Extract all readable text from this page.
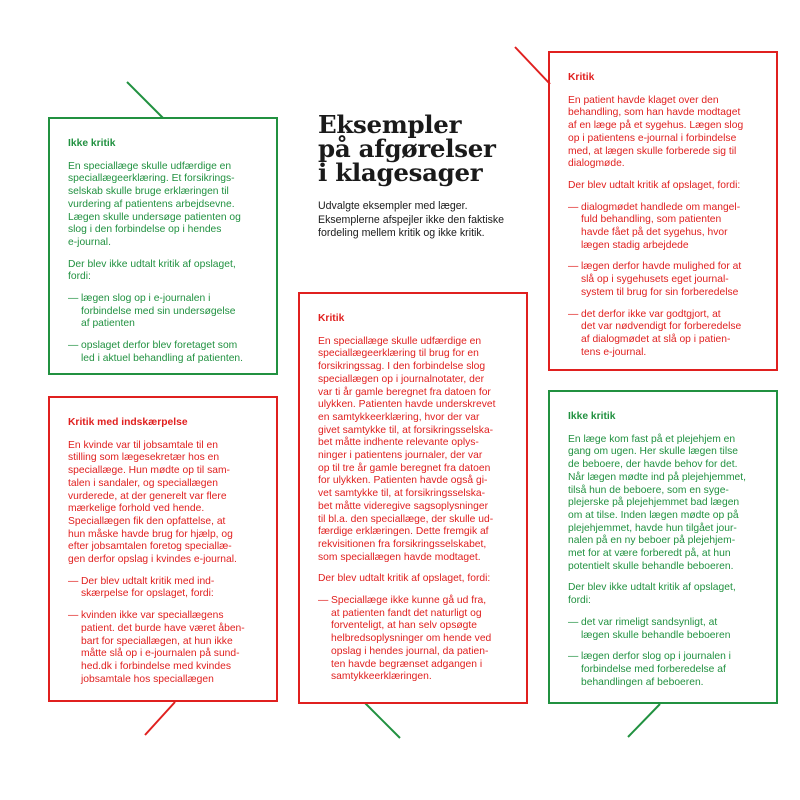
Eksempler
på afgørelser
i klagesager
Udvalgte eksempler med læger.
Eksemplerne afspejler ikke den faktiske
fordeling mellem kritik og ikke kritik.
Ikke kritik
En speciallæge skulle udfærdige en
speciallægeerklæring. Et forsikrings-
selskab skulle bruge erklæringen til
vurdering af patientens arbejdsevne.
Lægen skulle undersøge patienten og
slog i den forbindelse op i hendes
e-journal.
Der blev ikke udtalt kritik af opslaget,
fordi:
— lægen slog op i e-journalen i
forbindelse med sin undersøgelse
af patienten
— opslaget derfor blev foretaget som
led i aktuel behandling af patienten.
Kritik
En patient havde klaget over den
behandling, som han havde modtaget
af en læge på et sygehus. Lægen slog
op i patientens e-journal i forbindelse
med, at lægen skulle forberede sig til
dialogmøde.
Der blev udtalt kritik af opslaget, fordi:
— dialogmødet handlede om mangel-
fuld behandling, som patienten
havde fået på det sygehus, hvor
lægen stadig arbejdede
— lægen derfor havde mulighed for at
slå op i sygehusets eget journal-
system til brug for sin forberedelse
— det derfor ikke var godtgjort, at
det var nødvendigt for forberedelse
af dialogmødet at slå op i patien-
tens e-journal.
Kritik
En speciallæge skulle udfærdige en
speciallægeerklæring til brug for en
forsikringssag. I den forbindelse slog
speciallægen op i journalnotater, der
var ti år gamle beregnet fra datoen for
ulykken. Patienten havde underskrevet
en samtykkeerklæring, hvor der var
givet samtykke til, at forsikringsselska-
bet måtte indhente relevante oplys-
ninger i patientens journaler, der var
op til tre år gamle beregnet fra datoen
for ulykken. Patienten havde også gi-
vet samtykke til, at forsikringsselska-
bet måtte videregive sagsoplysninger
til bl.a. den speciallæge, der skulle ud-
færdige erklæringen. Dette fremgik af
rekvisitionen fra forsikringsselskabet,
som speciallægen havde modtaget.
Der blev udtalt kritik af opslaget, fordi:
— Speciallæge ikke kunne gå ud fra,
at patienten fandt det naturligt og
forventeligt, at han selv opsøgte
helbredsoplysninger om hende ved
opslag i hendes journal, da patien-
ten havde begrænset adgangen i
samtykkeerklæringen.
Kritik med indskærpelse
En kvinde var til jobsamtale til en
stilling som lægesekretær hos en
speciallæge. Hun mødte op til sam-
talen i sandaler, og speciallægen
vurderede, at der generelt var flere
mærkelige forhold ved hende.
Speciallægen fik den opfattelse, at
hun måske havde brug for hjælp, og
efter jobsamtalen foretog speciallæ-
gen derfor opslag i kvindes e-journal.
— Der blev udtalt kritik med ind-
skærpelse for opslaget, fordi:
— kvinden ikke var speciallægens
patient. det burde have været åben-
bart for speciallægen, at hun ikke
måtte slå op i e-journalen på sund-
hed.dk i forbindelse med kvindes
jobsamtale hos speciallægen
Ikke kritik
En læge kom fast på et plejehjem en
gang om ugen. Her skulle lægen tilse
de beboere, der havde behov for det.
Når lægen mødte ind på plejehjemmet,
tilså hun de beboere, som en syge-
plejerske på plejehjemmet bad lægen
om at tilse. Inden lægen mødte op på
plejehjemmet, havde hun tilgået jour-
nalen på en ny beboer på plejehjem-
met for at være forberedt på, at hun
potentielt skulle behandle beboeren.
Der blev ikke udtalt kritik af opslaget,
fordi:
— det var rimeligt sandsynligt, at
lægen skulle behandle beboeren
— lægen derfor slog op i journalen i
forbindelse med forberedelse af
behandlingen af beboeren.
